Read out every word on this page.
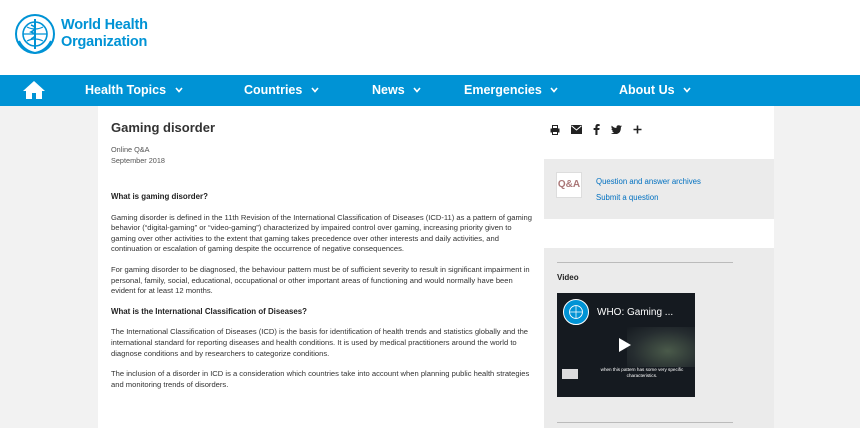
World Health
Organization
Health Topics	Countries	News	Emergencies	About Us
Gaming disorder
Online Q&A
September 2018
What is gaming disorder?

Gaming disorder is defined in the 11th Revision of the International Classification of Diseases (ICD-11) as a pattern of gaming behavior (“digital-gaming” or “video-gaming”) characterized by impaired control over gaming, increasing priority given to gaming over other activities to the extent that gaming takes precedence over other interests and daily activities, and continuation or escalation of gaming despite the occurrence of negative consequences.

For gaming disorder to be diagnosed, the behaviour pattern must be of sufficient severity to result in significant impairment in personal, family, social, educational, occupational or other important areas of functioning and would normally have been evident for at least 12 months.

What is the International Classification of Diseases?

The International Classification of Diseases (ICD) is the basis for identification of health trends and statistics globally and the international standard for reporting diseases and health conditions. It is used by medical practitioners around the world to diagnose conditions and by researchers to categorize conditions.

The inclusion of a disorder in ICD is a consideration which countries take into account when planning public health strategies and monitoring trends of disorders.

Q&A Question and answer archives
Submit a question
Video
WHO: Gaming ...
when this pattern has some very specific characteristics.
